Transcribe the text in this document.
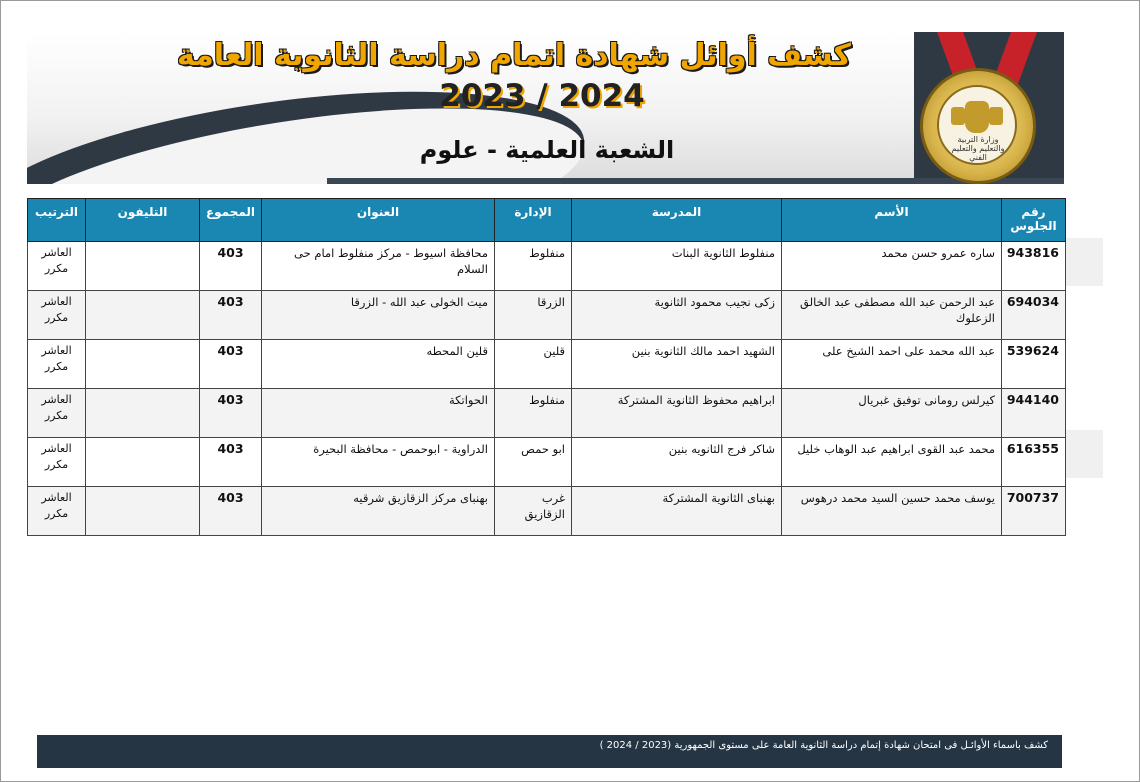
كشف أوائل شهادة اتمام دراسة الثانوية العامة
2023 / 2024
الشعبة العلمية - علوم	وزارة التربية والتعليم والتعليم الفني
رقم الجلوس	الأسم	المدرسة	الإدارة	العنوان	المجموع	التليفون	الترتيب
943816	ساره عمرو حسن محمد	منفلوط الثانوية البنات	منفلوط	محافظة اسيوط - مركز منفلوط امام حى السلام	403		العاشر مكرر
694034	عبد الرحمن عبد الله مصطفى عبد الخالق الزعلوك	زكى نجيب محمود الثانوية	الزرقا	ميت الخولى عبد الله - الزرقا	403		العاشر مكرر
539624	عبد الله محمد على احمد الشيخ على	الشهيد احمد مالك الثانوية بنين	قلين	قلين المحطه	403		العاشر مكرر
944140	كيرلس رومانى توفيق غبريال	ابراهيم محفوظ الثانوية المشتركة	منفلوط	الحواتكة	403		العاشر مكرر
616355	محمد عبد القوى ابراهيم عبد الوهاب خليل	شاكر فرج الثانويه بنين	ابو حمص	الدراوية - ابوحمص - محافظة البحيرة	403		العاشر مكرر
700737	يوسف محمد حسين السيد محمد درهوس	بهنباى الثانوية المشتركة	غرب الزقازيق	بهنباى مركز الزقازيق شرقيه	403		العاشر مكرر
كشف باسماء الأوائـل فى امتحان شهادة إتمام دراسة الثانوية العامة على مستوى الجمهورية (2023 / 2024 )
